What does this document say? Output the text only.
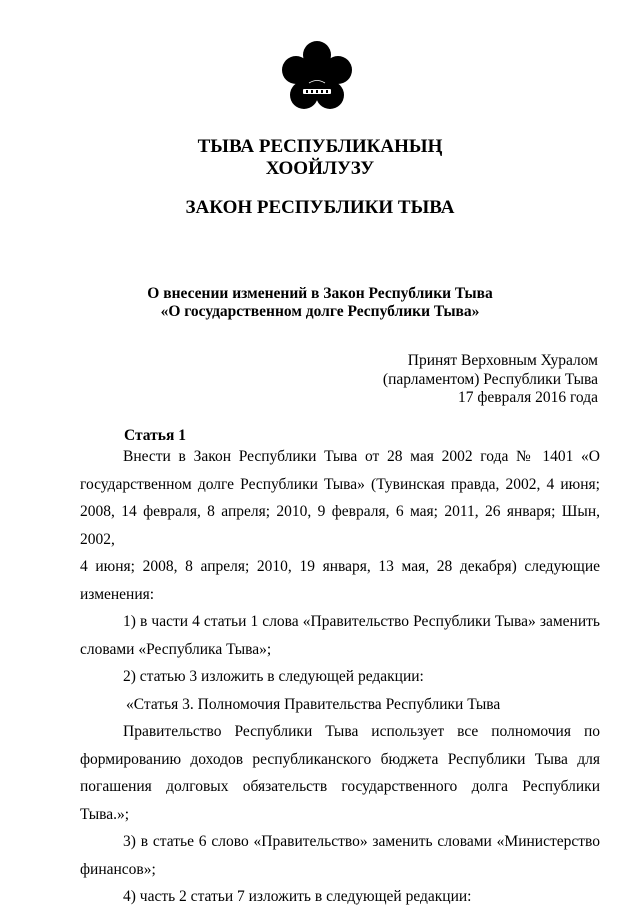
ТЫВА РЕСПУБЛИКАНЫҢ
ХООЙЛУЗУ
ЗАКОН РЕСПУБЛИКИ ТЫВА
О внесении изменений в Закон Республики Тыва
«О государственном долге Республики Тыва»
Принят Верховным Хуралом
(парламентом) Республики Тыва
17 февраля 2016 года
Статья 1
Внести в Закон Республики Тыва от 28 мая 2002 года № 1401 «О
государственном долге Республики Тыва» (Тувинская правда, 2002, 4 июня;
2008, 14 февраля, 8 апреля; 2010, 9 февраля, 6 мая; 2011, 26 января; Шын, 2002,
4 июня; 2008, 8 апреля; 2010, 19 января, 13 мая, 28 декабря) следующие
изменения:
1) в части 4 статьи 1 слова «Правительство Республики Тыва» заменить
словами «Республика Тыва»;
2) статью 3 изложить в следующей редакции:
«Статья 3. Полномочия Правительства Республики Тыва
Правительство Республики Тыва использует все полномочия по
формированию доходов республиканского бюджета Республики Тыва для
погашения долговых обязательств государственного долга Республики Тыва.»;
3) в статье 6 слово «Правительство» заменить словами «Министерство
финансов»;
4) часть 2 статьи 7 изложить в следующей редакции:
